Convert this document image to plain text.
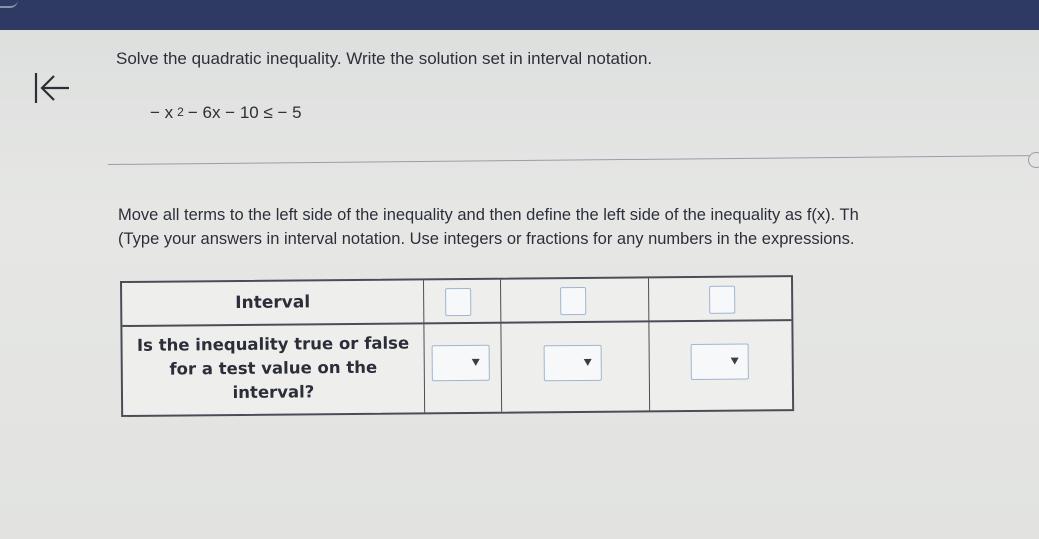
Solve the quadratic inequality. Write the solution set in interval notation.
− x $^2$ − 6x − 10 ≤ − 5
Move all terms to the left side of the inequality and then define the left side of the inequality as f(x). Th
(Type your answers in interval notation. Use integers or fractions for any numbers in the expressions.
Interval
Is the inequality true or false for a test value on the interval?
